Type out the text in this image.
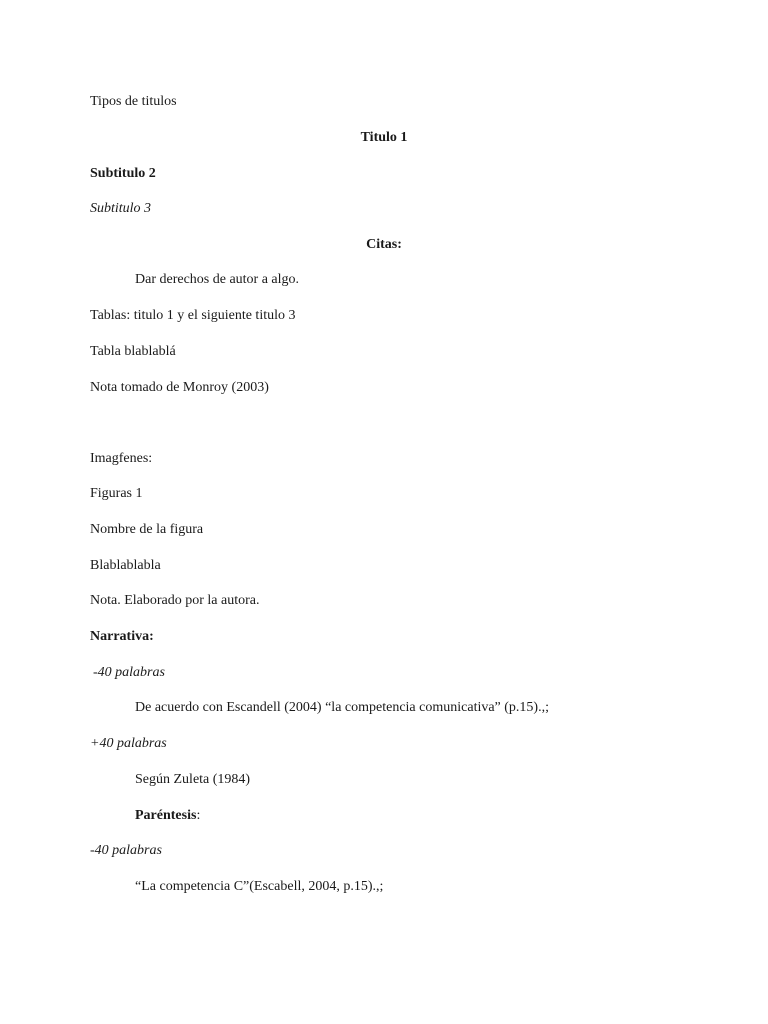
Tipos de titulos
Titulo 1
Subtitulo 2
Subtitulo 3
Citas:
Dar derechos de autor a algo.
Tablas: titulo 1 y el siguiente titulo 3
Tabla blablablá
Nota tomado de Monroy (2003)
Imagfenes:
Figuras 1
Nombre de la figura
Blablablabla
Nota. Elaborado por la autora.
Narrativa:
-40 palabras
De acuerdo con Escandell (2004) “la competencia comunicativa” (p.15).,;
+40 palabras
Según Zuleta (1984)
Paréntesis:
-40 palabras
“La competencia C”(Escabell, 2004, p.15).,;
